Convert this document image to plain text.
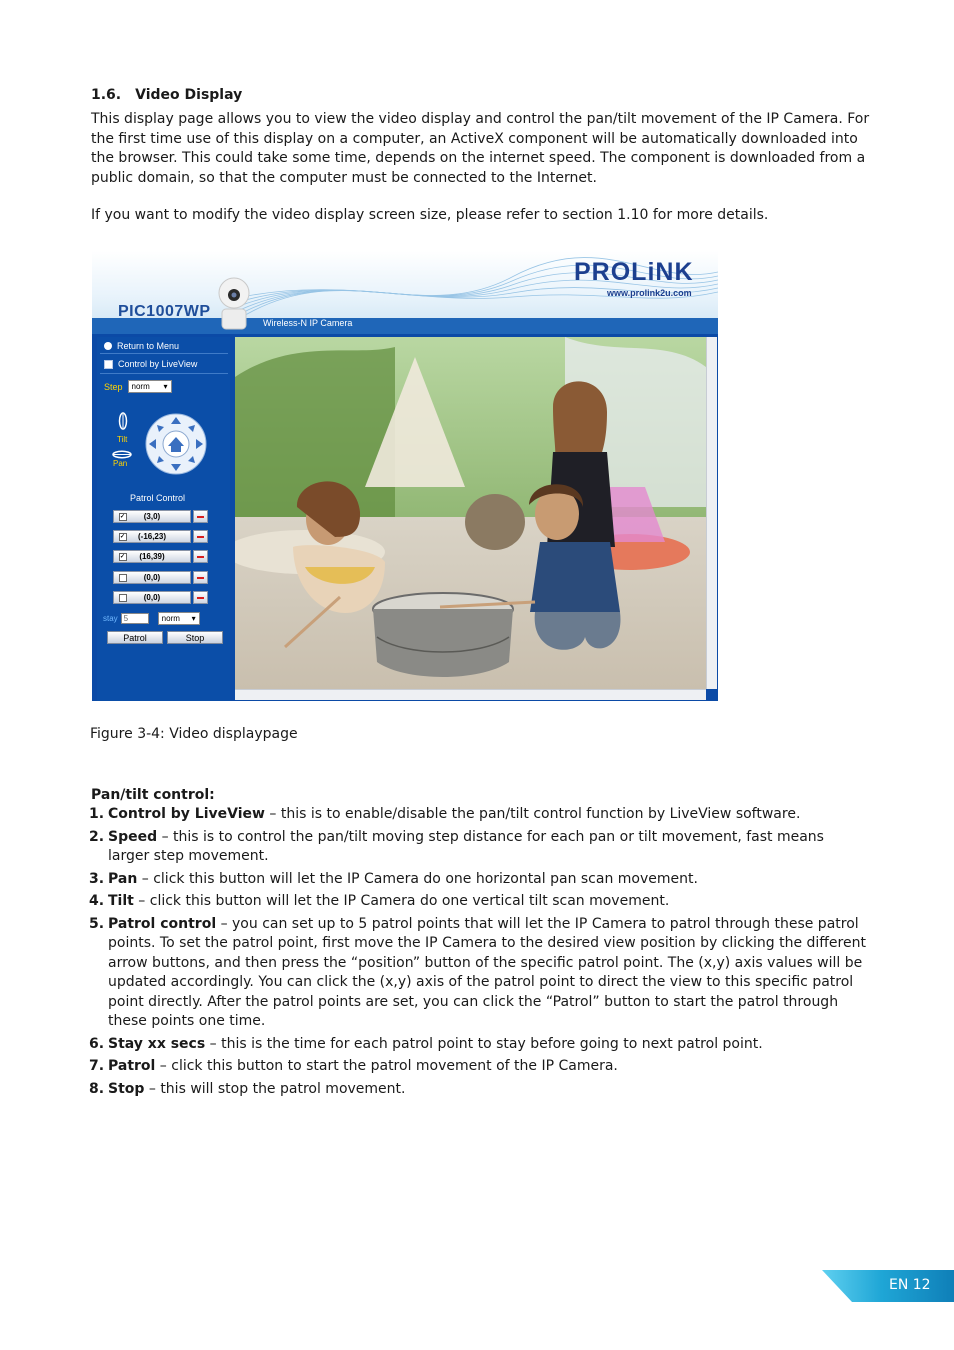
1.6. Video Display
This display page allows you to view the video display and control the pan/tilt movement of the IP Camera. For the first time use of this display on a computer, an ActiveX component will be automatically downloaded into the browser. This could take some time, depends on the internet speed. The component is downloaded from a public domain, so that the computer must be connected to the Internet.
If you want to modify the video display screen size, please refer to section 1.10 for more details.
PIC1007WP
Wireless-N IP Camera
PROLiNK
www.prolink2u.com
Return to Menu
Control by LiveView
Step norm ▾
Tilt
Pan
Patrol Control
✓	(3,0)
✓	(-16,23)
✓	(16,39)
(0,0)
(0,0)
stay 5	norm ▾
Patrol	Stop
Figure 3-4: Video displaypage
Pan/tilt control:
1. Control by LiveView – this is to enable/disable the pan/tilt control function by LiveView software.
2. Speed – this is to control the pan/tilt moving step distance for each pan or tilt movement, fast means larger step movement.
3. Pan – click this button will let the IP Camera do one horizontal pan scan movement.
4. Tilt – click this button will let the IP Camera do one vertical tilt scan movement.
5. Patrol control – you can set up to 5 patrol points that will let the IP Camera to patrol through these patrol points. To set the patrol point, first move the IP Camera to the desired view position by clicking the different arrow buttons, and then press the “position” button of the specific patrol point. The (x,y) axis values will be updated accordingly. You can click the (x,y) axis of the patrol point to direct the view to this specific patrol point directly. After the patrol points are set, you can click the “Patrol” button to start the patrol through these points one time.
6. Stay xx secs – this is the time for each patrol point to stay before going to next patrol point.
7. Patrol – click this button to start the patrol movement of the IP Camera.
8. Stop – this will stop the patrol movement.
EN 12
